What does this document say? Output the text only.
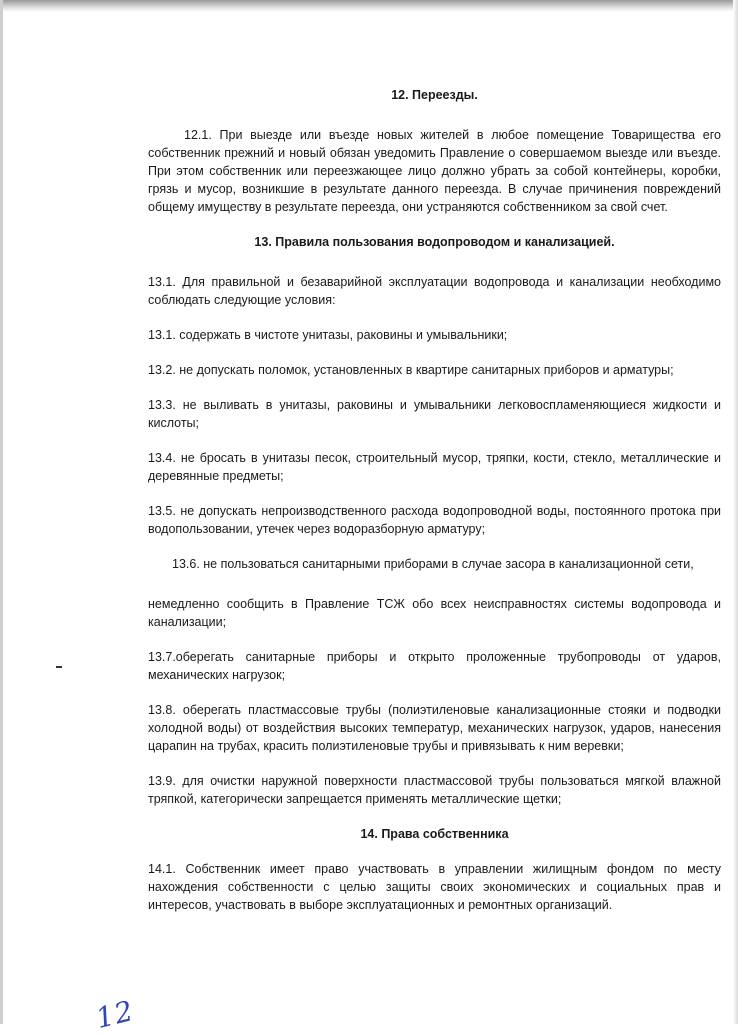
12. Переезды.
12.1. При выезде или въезде новых жителей в любое помещение Товарищества его собственник прежний и новый обязан уведомить Правление о совершаемом выезде или въезде. При этом собственник или переезжающее лицо должно убрать за собой контейнеры, коробки, грязь и мусор, возникшие в результате данного переезда. В случае причинения повреждений общему имуществу в результате переезда, они устраняются собственником за свой счет.
13. Правила пользования водопроводом и канализацией.
13.1. Для правильной и безаварийной эксплуатации водопровода и канализации необходимо соблюдать следующие условия:
13.1. содержать в чистоте унитазы, раковины и умывальники;
13.2. не допускать поломок, установленных в квартире санитарных приборов и арматуры;
13.3. не выливать в унитазы, раковины и умывальники легковоспламеняющиеся жидкости и кислоты;
13.4. не бросать в унитазы песок, строительный мусор, тряпки, кости, стекло, металлические и деревянные предметы;
13.5. не допускать непроизводственного расхода водопроводной воды, постоянного протока при водопользовании, утечек через водоразборную арматуру;
13.6. не пользоваться санитарными приборами в случае засора в канализационной сети,
немедленно сообщить в Правление ТСЖ обо всех неисправностях системы водопровода и канализации;
13.7.оберегать санитарные приборы и открыто проложенные трубопроводы от ударов, механических нагрузок;
13.8. оберегать пластмассовые трубы (полиэтиленовые канализационные стояки и подводки холодной воды) от воздействия высоких температур, механических нагрузок, ударов, нанесения царапин на трубах, красить полиэтиленовые трубы и привязывать к ним веревки;
13.9. для очистки наружной поверхности пластмассовой трубы пользоваться мягкой влажной тряпкой, категорически запрещается применять металлические щетки;
14. Права собственника
14.1. Собственник имеет право участвовать в управлении жилищным фондом по месту нахождения собственности с целью защиты своих экономических и социальных прав и интересов, участвовать в выборе эксплуатационных и ремонтных организаций.
12
